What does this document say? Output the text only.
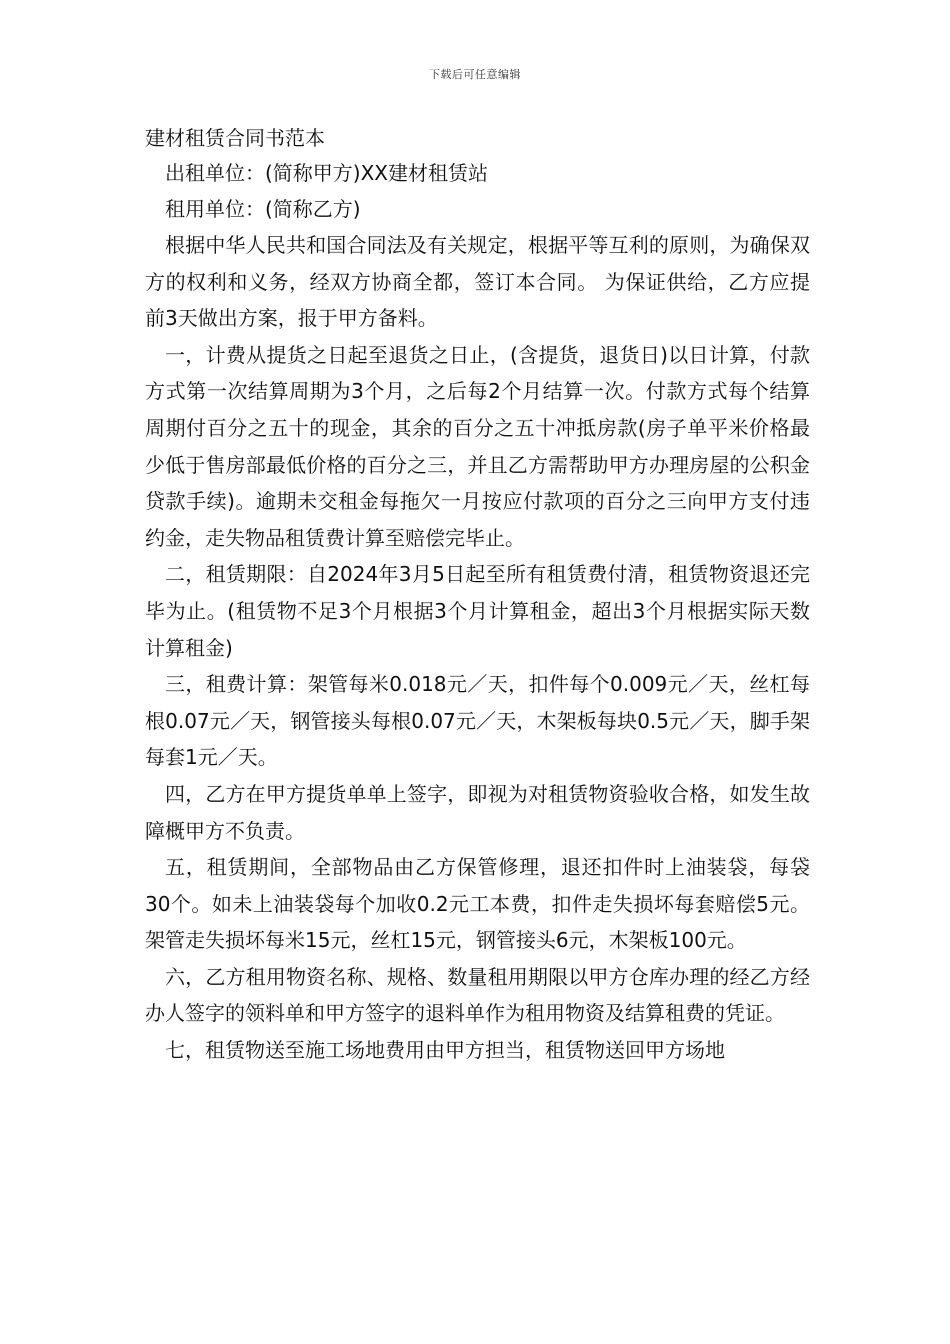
下载后可任意编辑

建材租赁合同书范本

出租单位：(简称甲方)XX建材租赁站

租用单位：(简称乙方)

根据中华人民共和国合同法及有关规定，根据平等互利的原则，为确保双方的权利和义务，经双方协商全都，签订本合同。 为保证供给，乙方应提前3天做出方案，报于甲方备料。

一，计费从提货之日起至退货之日止，(含提货，退货日)以日计算，付款方式第一次结算周期为3个月，之后每2个月结算一次。付款方式每个结算周期付百分之五十的现金，其余的百分之五十冲抵房款(房子单平米价格最少低于售房部最低价格的百分之三，并且乙方需帮助甲方办理房屋的公积金贷款手续)。逾期未交租金每拖欠一月按应付款项的百分之三向甲方支付违约金，走失物品租赁费计算至赔偿完毕止。

二，租赁期限：自2024年3月5日起至所有租赁费付清，租赁物资退还完毕为止。(租赁物不足3个月根据3个月计算租金，超出3个月根据实际天数计算租金)

三，租费计算：架管每米0.018元／天，扣件每个0.009元／天，丝杠每根0.07元／天，钢管接头每根0.07元／天，木架板每块0.5元／天，脚手架每套1元／天。

四，乙方在甲方提货单单上签字，即视为对租赁物资验收合格，如发生故障概甲方不负责。

五，租赁期间，全部物品由乙方保管修理，退还扣件时上油装袋，每袋30个。如未上油装袋每个加收0.2元工本费，扣件走失损坏每套赔偿5元。架管走失损坏每米15元，丝杠15元，钢管接头6元，木架板100元。

六，乙方租用物资名称、规格、数量租用期限以甲方仓库办理的经乙方经办人签字的领料单和甲方签字的退料单作为租用物资及结算租费的凭证。

七，租赁物送至施工场地费用由甲方担当，租赁物送回甲方场地
